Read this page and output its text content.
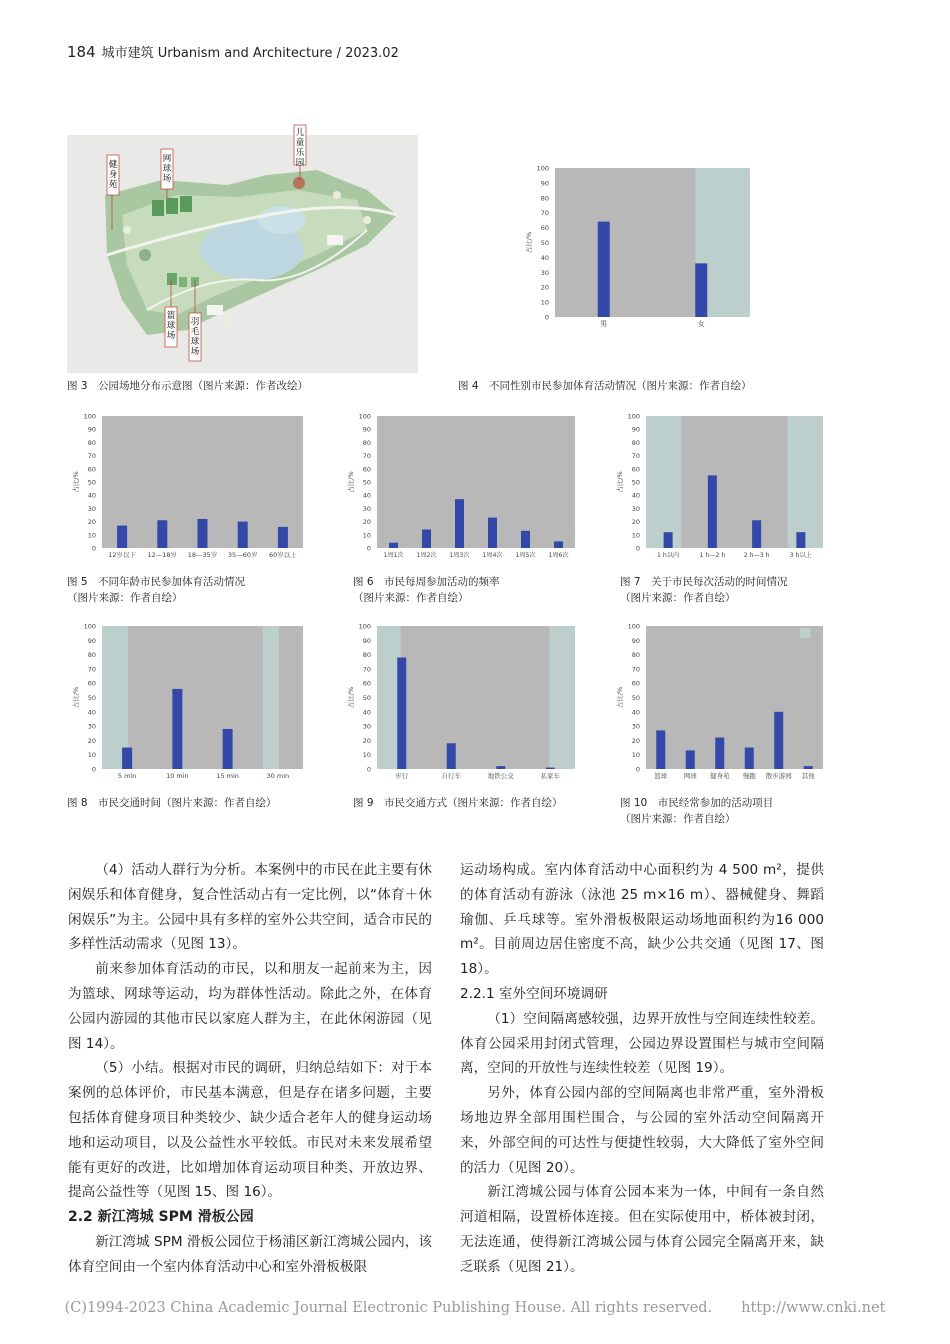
184 城市建筑 Urbanism and Architecture / 2023.02
健身苑
网球场
儿童乐园
篮球场
羽毛球场
0
10
20
30
40
50
60
70
80
90
100
占比/%
男	女
0
10
20
30
40
50
60
70
80
90
100
占比/%
12岁以下 12—18岁 18—35岁 35—60岁 60岁以上
0
10
20
30
40
50
60
70
80
90
100
占比/%
1周1次 1周2次 1周3次 1周4次 1周5次 1周6次
0
10
20
30
40
50
60
70
80
90
100
占比/%
1 h以内	1 h—2 h	2 h—3 h	3 h以上
0
10
20
30
40
50
60
70
80
90
100
占比/%
5 min	10 min	15 min	30 min
0
10
20
30
40
50
60
70
80
90
100
占比/%
步行	自行车	地铁公交	私家车
0
10
20
30
40
50
60
70
80
90
100
占比/%
篮球	网球 健身苑 慢跑 散步游园 其他
图 3　公园场地分布示意图（图片来源：作者改绘）	图 4　不同性别市民参加体育活动情况（图片来源：作者自绘）
图 5　不同年龄市民参加体育活动情况
（图片来源：作者自绘）
图 6　市民每周参加活动的频率
（图片来源：作者自绘）
图 7　关于市民每次活动的时间情况
（图片来源：作者自绘）
图 8　市民交通时间（图片来源：作者自绘）	图 9　市民交通方式（图片来源：作者自绘）	图 10　市民经常参加的活动项目
（图片来源：作者自绘）

（4）活动人群行为分析。本案例中的市民在此主要有休闲娱乐和体育健身，复合性活动占有一定比例，以“体育＋休闲娱乐”为主。公园中具有多样的室外公共空间，适合市民的多样性活动需求（见图 13）。

前来参加体育活动的市民，以和朋友一起前来为主，因为篮球、网球等运动，均为群体性活动。除此之外，在体育公园内游园的其他市民以家庭人群为主，在此休闲游园（见图 14）。

（5）小结。根据对市民的调研，归纳总结如下：对于本案例的总体评价，市民基本满意，但是存在诸多问题，主要包括体育健身项目种类较少、缺少适合老年人的健身运动场地和运动项目，以及公益性水平较低。市民对未来发展希望能有更好的改进，比如增加体育运动项目种类、开放边界、提高公益性等（见图 15、图 16）。

2.2 新江湾城 SPM 滑板公园

新江湾城 SPM 滑板公园位于杨浦区新江湾城公园内，该体育空间由一个室内体育活动中心和室外滑板极限

运动场构成。室内体育活动中心面积约为 4 500 m²，提供的体育活动有游泳（泳池 25 m×16 m）、器械健身、舞蹈瑜伽、乒乓球等。室外滑板极限运动场地面积约为16 000 m²。目前周边居住密度不高，缺少公共交通（见图 17、图 18）。

2.2.1 室外空间环境调研

（1）空间隔离感较强，边界开放性与空间连续性较差。体育公园采用封闭式管理，公园边界设置围栏与城市空间隔离，空间的开放性与连续性较差（见图 19）。

另外，体育公园内部的空间隔离也非常严重，室外滑板场地边界全部用围栏围合，与公园的室外活动空间隔离开来，外部空间的可达性与便捷性较弱，大大降低了室外空间的活力（见图 20）。

新江湾城公园与体育公园本来为一体，中间有一条自然河道相隔，设置桥体连接。但在实际使用中，桥体被封闭，无法连通，使得新江湾城公园与体育公园完全隔离开来，缺乏联系（见图 21）。

(C)1994-2023 China Academic Journal Electronic Publishing House. All rights reserved.　　http://www.cnki.net
